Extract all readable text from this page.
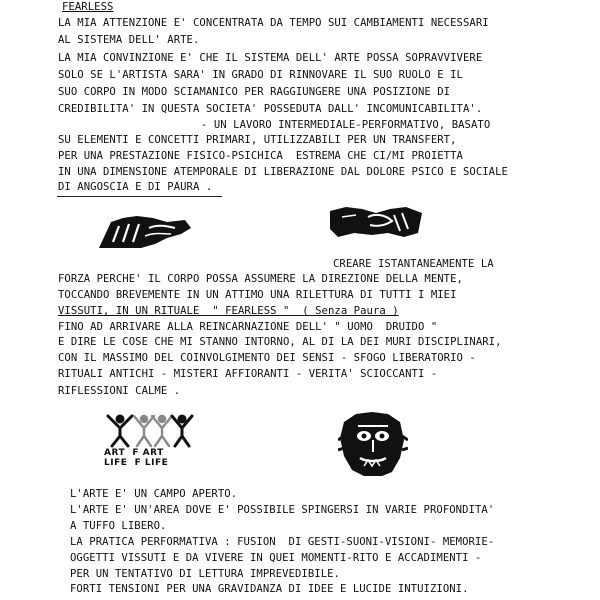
FEARLESS
LA MIA ATTENZIONE E' CONCENTRATA DA TEMPO SUI CAMBIAMENTI NECESSARI
AL SISTEMA DELL' ARTE.
LA MIA CONVINZIONE E' CHE IL SISTEMA DELL' ARTE POSSA SOPRAVVIVERE
SOLO SE L'ARTISTA SARA' IN GRADO DI RINNOVARE IL SUO RUOLO E IL
SUO CORPO IN MODO SCIAMANICO PER RAGGIUNGERE UNA POSIZIONE DI
CREDIBILITA' IN QUESTA SOCIETA' POSSEDUTA DALL' INCOMUNICABILITA'.
- UN LAVORO INTERMEDIALE-PERFORMATIVO, BASATO
SU ELEMENTI E CONCETTI PRIMARI, UTILIZZABILI PER UN TRANSFERT,
PER UNA PRESTAZIONE FISICO-PSICHICA  ESTREMA CHE CI/MI PROIETTA
IN UNA DIMENSIONE ATEMPORALE DI LIBERAZIONE DAL DOLORE PSICO E SOCIALE
DI ANGOSCIA E DI PAURA .
CREARE ISTANTANEAMENTE LA
FORZA PERCHE' IL CORPO POSSA ASSUMERE LA DIREZIONE DELLA MENTE,
TOCCANDO BREVEMENTE IN UN ATTIMO UNA RILETTURA DI TUTTI I MIEI
VISSUTI, IN UN RITUALE  " FEARLESS "  ( Senza Paura )
FINO AD ARRIVARE ALLA REINCARNAZIONE DELL' " UOMO  DRUIDO "
E DIRE LE COSE CHE MI STANNO INTORNO, AL DI LA DEI MURI DISCIPLINARI,
CON IL MASSIMO DEL COINVOLGIMENTO DEI SENSI - SFOGO LIBERATORIO -
RITUALI ANTICHI - MISTERI AFFIORANTI - VERITA' SCIOCCANTI -
RIFLESSIONI CALME .
ART  F ART
LIFE  F LIFE
L'ARTE E' UN CAMPO APERTO.
L'ARTE E' UN'AREA DOVE E' POSSIBILE SPINGERSI IN VARIE PROFONDITA'
A TUFFO LIBERO.
LA PRATICA PERFORMATIVA : FUSION  DI GESTI-SUONI-VISIONI- MEMORIE-
OGGETTI VISSUTI E DA VIVERE IN QUEI MOMENTI-RITO E ACCADIMENTI -
PER UN TENTATIVO DI LETTURA IMPREVEDIBILE.
FORTI TENSIONI PER UNA GRAVIDANZA DI IDEE E LUCIDE INTUIZIONI.
